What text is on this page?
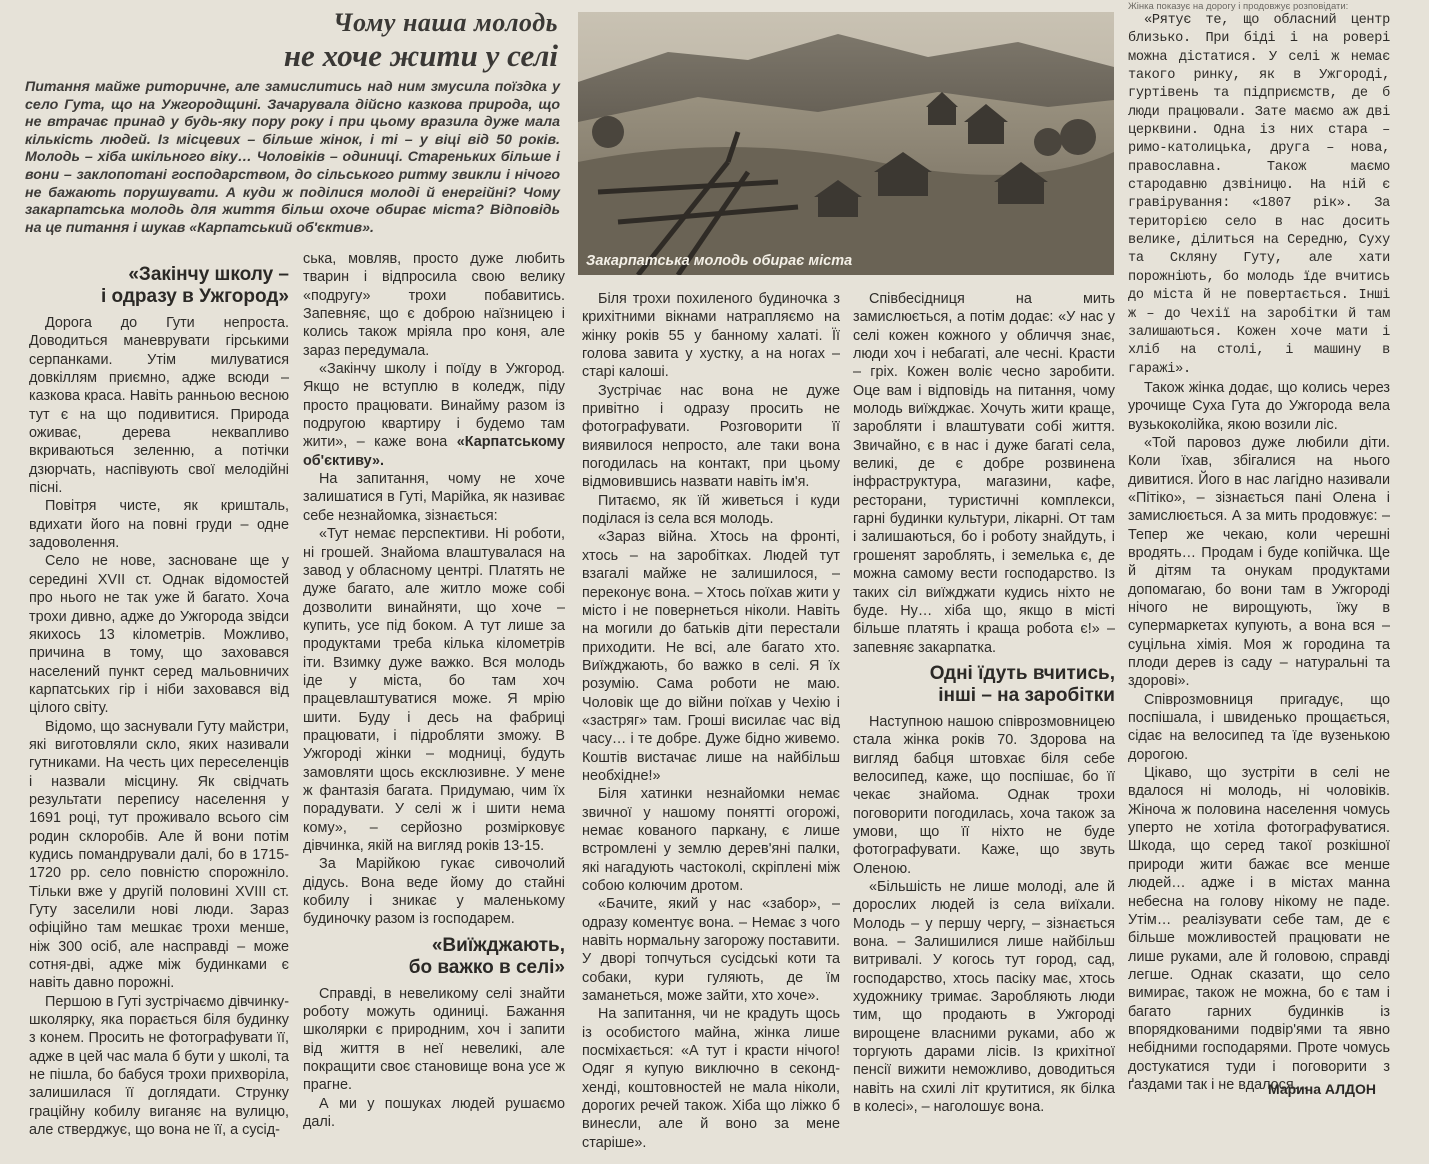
Чому наша молодь
не хоче жити у селі
Питання майже риторичне, але замислитись над ним змусила поїздка у село Гута, що на Ужгородщині. Зачарувала дійсно казкова природа, що не втрачає принад у будь-яку пору року і при цьому вразила дуже мала кількість людей. Із місцевих – більше жінок, і ті – у віці від 50 років. Молодь – хіба шкільного віку… Чоловіків – одиниці. Стареньких більше і вони – заклопотані господарством, до сільського ритму звикли і нічого не бажають порушувати. А куди ж поділися молоді й енергійні? Чому закарпатська молодь для життя більш охоче обирає міста? Відповідь на це питання і шукав «Карпатський об'єктив».
Закарпатська молодь обирає міста
«Закінчу школу –
і одразу в Ужгород»

Дорога до Гути непроста. Доводиться маневрувати гірськими серпанками. Утім милуватися довкіллям приємно, адже всюди – казкова краса. Навіть ранньою весною тут є на що подивитися. Природа оживає, дерева неквапливо вкриваються зеленню, а потічки дзюрчать, наспівують свої мелодійні пісні.

Повітря чисте, як кришталь, вдихати його на повні груди – одне задоволення.

Село не нове, засноване ще у середині XVII ст. Однак відомостей про нього не так уже й багато. Хоча трохи дивно, адже до Ужгорода звідси якихось 13 кілометрів. Можливо, причина в тому, що заховався населений пункт серед мальовничих карпатських гір і ніби заховався від цілого світу.

Відомо, що заснували Гуту майстри, які виготовляли скло, яких називали гутниками. На честь цих переселенців і назвали місцину. Як свідчать результати перепису населення у 1691 році, тут проживало всього сім родин склоробів. Але й вони потім кудись помандрували далі, бо в 1715-1720 рр. село повністю спорожніло. Тільки вже у другій половині XVIII ст. Гуту заселили нові люди. Зараз офіційно там мешкає трохи менше, ніж 300 осіб, але насправді – може сотня-дві, адже між будинками є навіть давно порожні.

Першою в Гуті зустрічаємо дівчинку-школярку, яка порається біля будинку з конем. Просить не фотографувати її, адже в цей час мала б бути у школі, та не пішла, бо бабуся трохи прихворіла, залишилася її доглядати. Струнку граційну кобилу виганяє на вулицю, але стверджує, що вона не її, а сусід-

ська, мовляв, просто дуже любить тварин і відпросила свою велику «подругу» трохи побавитись. Запевняє, що є доброю наїзницею і колись також мріяла про коня, але зараз передумала.

«Закінчу школу і поїду в Ужгород. Якщо не вступлю в коледж, піду просто працювати. Винаймy разом із подругою квартиру і будемо там жити», – каже вона «Карпатському об'єктиву».

На запитання, чому не хоче залишатися в Гуті, Марійка, як називає себе незнайомка, зізнається:

«Тут немає перспективи. Ні роботи, ні грошей. Знайома влаштувалася на завод у обласному центрі. Платять не дуже багато, але житло може собі дозволити винайняти, що хоче – купить, усе під боком. А тут лише за продуктами треба кілька кілометрів іти. Взимку дуже важко. Вся молодь іде у міста, бо там хоч працевлаштуватися може. Я мрію шити. Буду і десь на фабриці працювати, і підробляти зможу. В Ужгороді жінки – модниці, будуть замовляти щось ексклюзивне. У мене ж фантазія багата. Придумаю, чим їх порадувати. У селі ж і шити нема кому», – серйозно розмірковує дівчинка, якій на вигляд років 13-15.

За Марійкою гукає сивочолий дідусь. Вона веде йому до стайні кобилу і зникає у маленькому будиночку разом із господарем.

«Виїжджають,
бо важко в селі»

Справді, в невеликому селі знайти роботу можуть одиниці. Бажання школярки є природним, хоч і запити від життя в неї невеликі, але покращити своє становище вона усе ж прагне.

А ми у пошуках людей рушаємо далі.

Біля трохи похиленого будиночка з крихітними вікнами натрапляємо на жінку років 55 у банному халаті. Її голова завита у хустку, а на ногах – старі калоші.

Зустрічає нас вона не дуже привітно і одразу просить не фотографувати. Розговорити її виявилося непросто, але таки вона погодилась на контакт, при цьому відмовившись назвати навіть ім'я.

Питаємо, як їй живеться і куди поділася із села вся молодь.

«Зараз війна. Хтось на фронті, хтось – на заробітках. Людей тут взагалі майже не залишилося, – переконує вона. – Хтось поїхав жити у місто і не повернеться ніколи. Навіть на могили до батьків діти перестали приходити. Не всі, але багато хто. Виїжджають, бо важко в селі. Я їх розумію. Сама роботи не маю. Чоловік ще до війни поїхав у Чехію і «застряг» там. Гроші висилає час від часу… і те добре. Дуже бідно живемо. Коштів вистачає лише на найбільш необхідне!»

Біля хатинки незнайомки немає звичної у нашому понятті огорожі, немає кованого паркану, є лише встромлені у землю дерев'яні палки, які нагадують частоколі, скріплені між собою колючим дротом.

«Бачите, який у нас «забор», – одразу коментує вона. – Немає з чого навіть нормальну загорожу поставити. У дворі топчуться сусідські коти та собаки, кури гуляють, де їм заманеться, може зайти, хто хоче».

На запитання, чи не крадуть щось із особистого майна, жінка лише посміхається: «А тут і красти нічого! Одяг я купую виключно в секонд-хенді, коштовностей не мала ніколи, дорогих речей також. Хіба що ліжко б винесли, але й воно за мене старіше».

Співбесідниця на мить замислюється, а потім додає: «У нас у селі кожен кожного у обличчя знає, люди хоч і небагаті, але чесні. Красти – гріх. Кожен воліє чесно заробити. Оце вам і відповідь на питання, чому молодь виїжджає. Хочуть жити краще, заробляти і влаштувати собі життя. Звичайно, є в нас і дуже багаті села, великі, де є добре розвинена інфраструктура, магазини, кафе, ресторани, туристичні комплекси, гарні будинки культури, лікарні. От там і залишаються, бо і роботу знайдуть, і грошенят зароблять, і земелька є, де можна самому вести господарство. Із таких сіл виїжджати кудись ніхто не буде. Ну… хіба що, якщо в місті більше платять і краща робота є!» – запевняє закарпатка.

Одні їдуть вчитись,
інші – на заробітки

Наступною нашою співрозмовницею стала жінка років 70. Здорова на вигляд бабця штовхає біля себе велосипед, каже, що поспішає, бо її чекає знайома. Однак трохи поговорити погодилась, хоча також за умови, що її ніхто не буде фотографувати. Каже, що звуть Оленою.

«Більшість не лише молоді, але й дорослих людей із села виїхали. Молодь – у першу чергу, – зізнається вона. – Залишилися лише найбільш витривалі. У когось тут город, сад, господарство, хтось пасіку має, хтось художнику тримає. Заробляють люди тим, що продають в Ужгороді вирощене власними руками, або ж торгують дарами лісів. Із крихітної пенсії вижити неможливо, доводиться навіть на схилі літ крутитися, як білка в колесі», – наголошує вона.

Жінка показує на дорогу і продовжує розповідати:

«Рятує те, що обласний центр близько. При біді і на ровері можна дістатися. У селі ж немає такого ринку, як в Ужгороді, гуртівень та підприємств, де б люди працювали. Зате маємо аж дві церквини. Одна із них стара – римо-католицька, друга – нова, православна. Також маємо стародавню дзвіницю. На ній є гравірування: «1807 рік». За територією село в нас досить велике, ділиться на Середню, Суху та Скляну Гуту, але хати порожніють, бо молодь їде вчитись до міста й не повертається. Інші ж – до Чехії на заробітки й там залишаються. Кожен хоче мати і хліб на столі, і машину в гаражі».

Також жінка додає, що колись через урочище Суха Гута до Ужгорода вела вузькоколійка, якою возили ліс.

«Той паровоз дуже любили діти. Коли їхав, збігалися на нього дивитися. Його в нас лагідно називали «Пітіко», – зізнається пані Олена і замислюється. А за мить продовжує: – Тепер же чекаю, коли черешні вродять… Продам і буде копійчка. Ще й дітям та онукам продуктами допомагаю, бо вони там в Ужгороді нічого не вирощують, їжу в супермаркетах купують, а вона вся – суцільна хімія. Моя ж городина та плоди дерев із саду – натуральні та здорові».

Співрозмовниця пригадує, що поспішала, і швиденько прощається, сідає на велосипед та їде вузенькою дорогою.

Цікаво, що зустріти в селі не вдалося ні молодь, ні чоловіків. Жіноча ж половина населення чомусь уперто не хотіла фотографуватися. Шкода, що серед такої розкішної природи жити бажає все менше людей… адже і в містах манна небесна на голову нікому не паде. Утім… реалізувати себе там, де є більше можливостей працювати не лише руками, але й головою, справді легше. Однак сказати, що село вимирає, також не можна, бо є там і багато гарних будинків із впорядкованими подвір'ями та явно небідними господарями. Проте чомусь достукатися туди і поговорити з ґаздами так і не вдалося…

Марина АЛДОН
